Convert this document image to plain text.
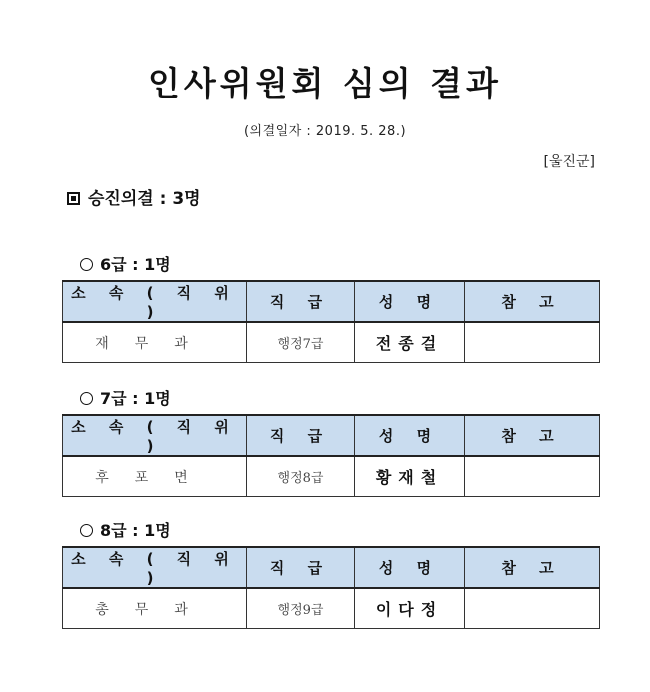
인사위원회 심의 결과
(의결일자 : 2019. 5. 28.)
[울진군]
승진의결 : 3명
6급 : 1명
소 속 ( 직 위 )	직 급	성 명	참 고
재무과	행정7급	전종걸	
7급 : 1명
소 속 ( 직 위 )	직 급	성 명	참 고
후포면	행정8급	황재철	
8급 : 1명
소 속 ( 직 위 )	직 급	성 명	참 고
총무과	행정9급	이다정	
